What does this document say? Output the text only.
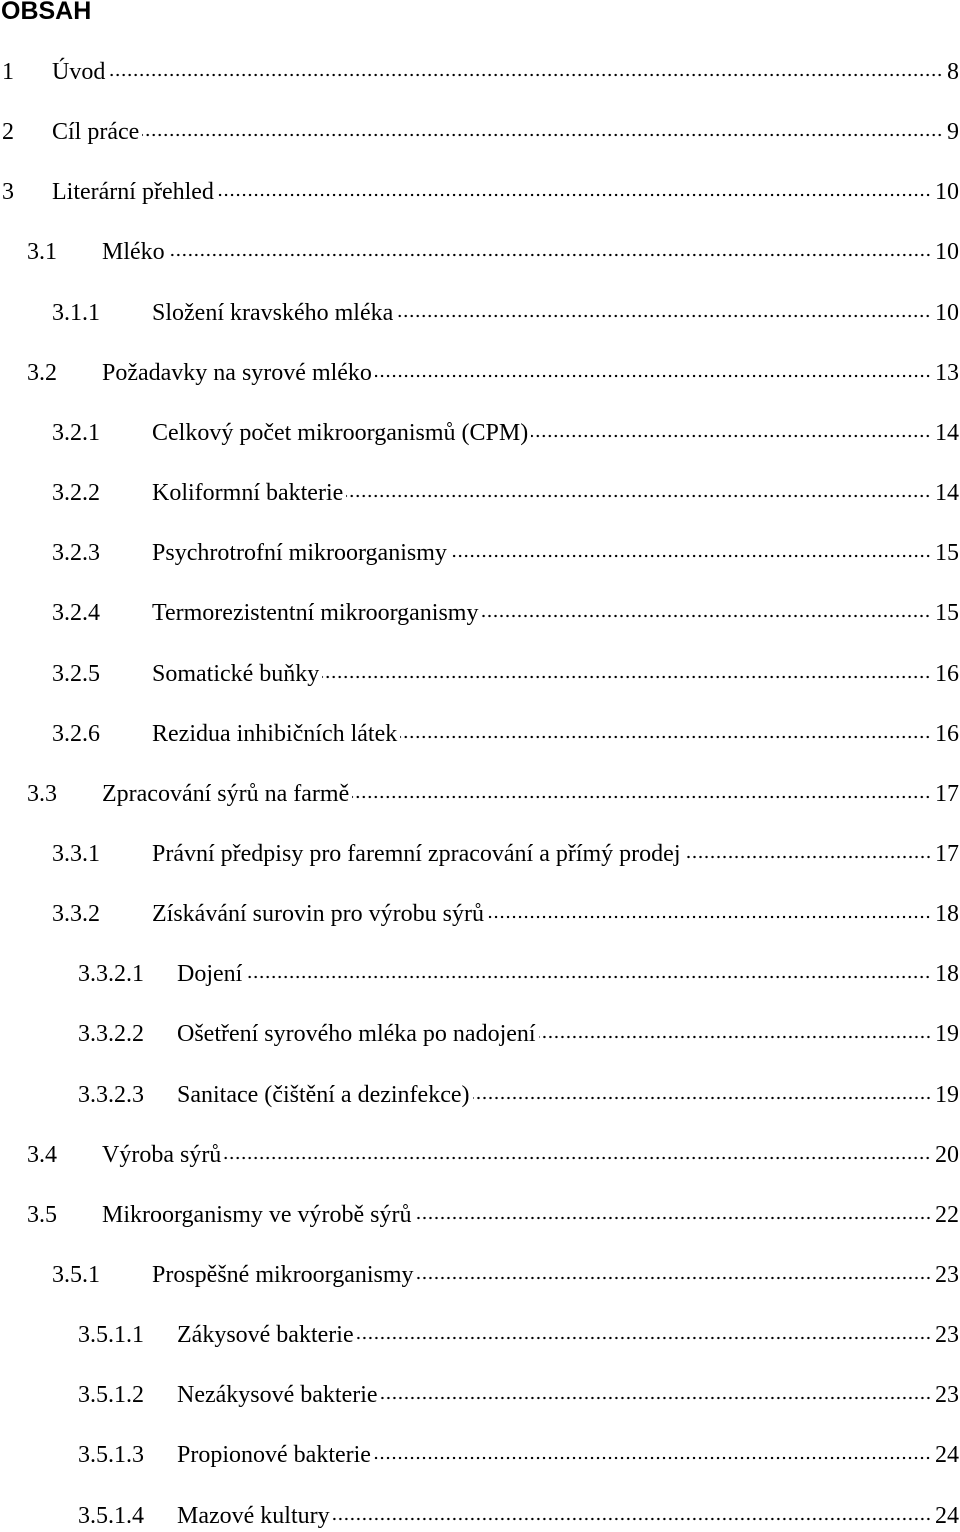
OBSAH
1	Úvod	8
2	Cíl práce	9
3	Literární přehled	10
3.1	Mléko	10
3.1.1	Složení kravského mléka	10
3.2	Požadavky na syrové mléko	13
3.2.1	Celkový počet mikroorganismů (CPM)	14
3.2.2	Koliformní bakterie	14
3.2.3	Psychrotrofní mikroorganismy	15
3.2.4	Termorezistentní mikroorganismy	15
3.2.5	Somatické buňky	16
3.2.6	Rezidua inhibičních látek	16
3.3	Zpracování sýrů na farmě	17
3.3.1	Právní předpisy pro faremní zpracování a přímý prodej	17
3.3.2	Získávání surovin pro výrobu sýrů	18
3.3.2.1	Dojení	18
3.3.2.2	Ošetření syrového mléka po nadojení	19
3.3.2.3	Sanitace (čištění a dezinfekce)	19
3.4	Výroba sýrů	20
3.5	Mikroorganismy ve výrobě sýrů	22
3.5.1	Prospěšné mikroorganismy	23
3.5.1.1	Zákysové bakterie	23
3.5.1.2	Nezákysové bakterie	23
3.5.1.3	Propionové bakterie	24
3.5.1.4	Mazové kultury	24
